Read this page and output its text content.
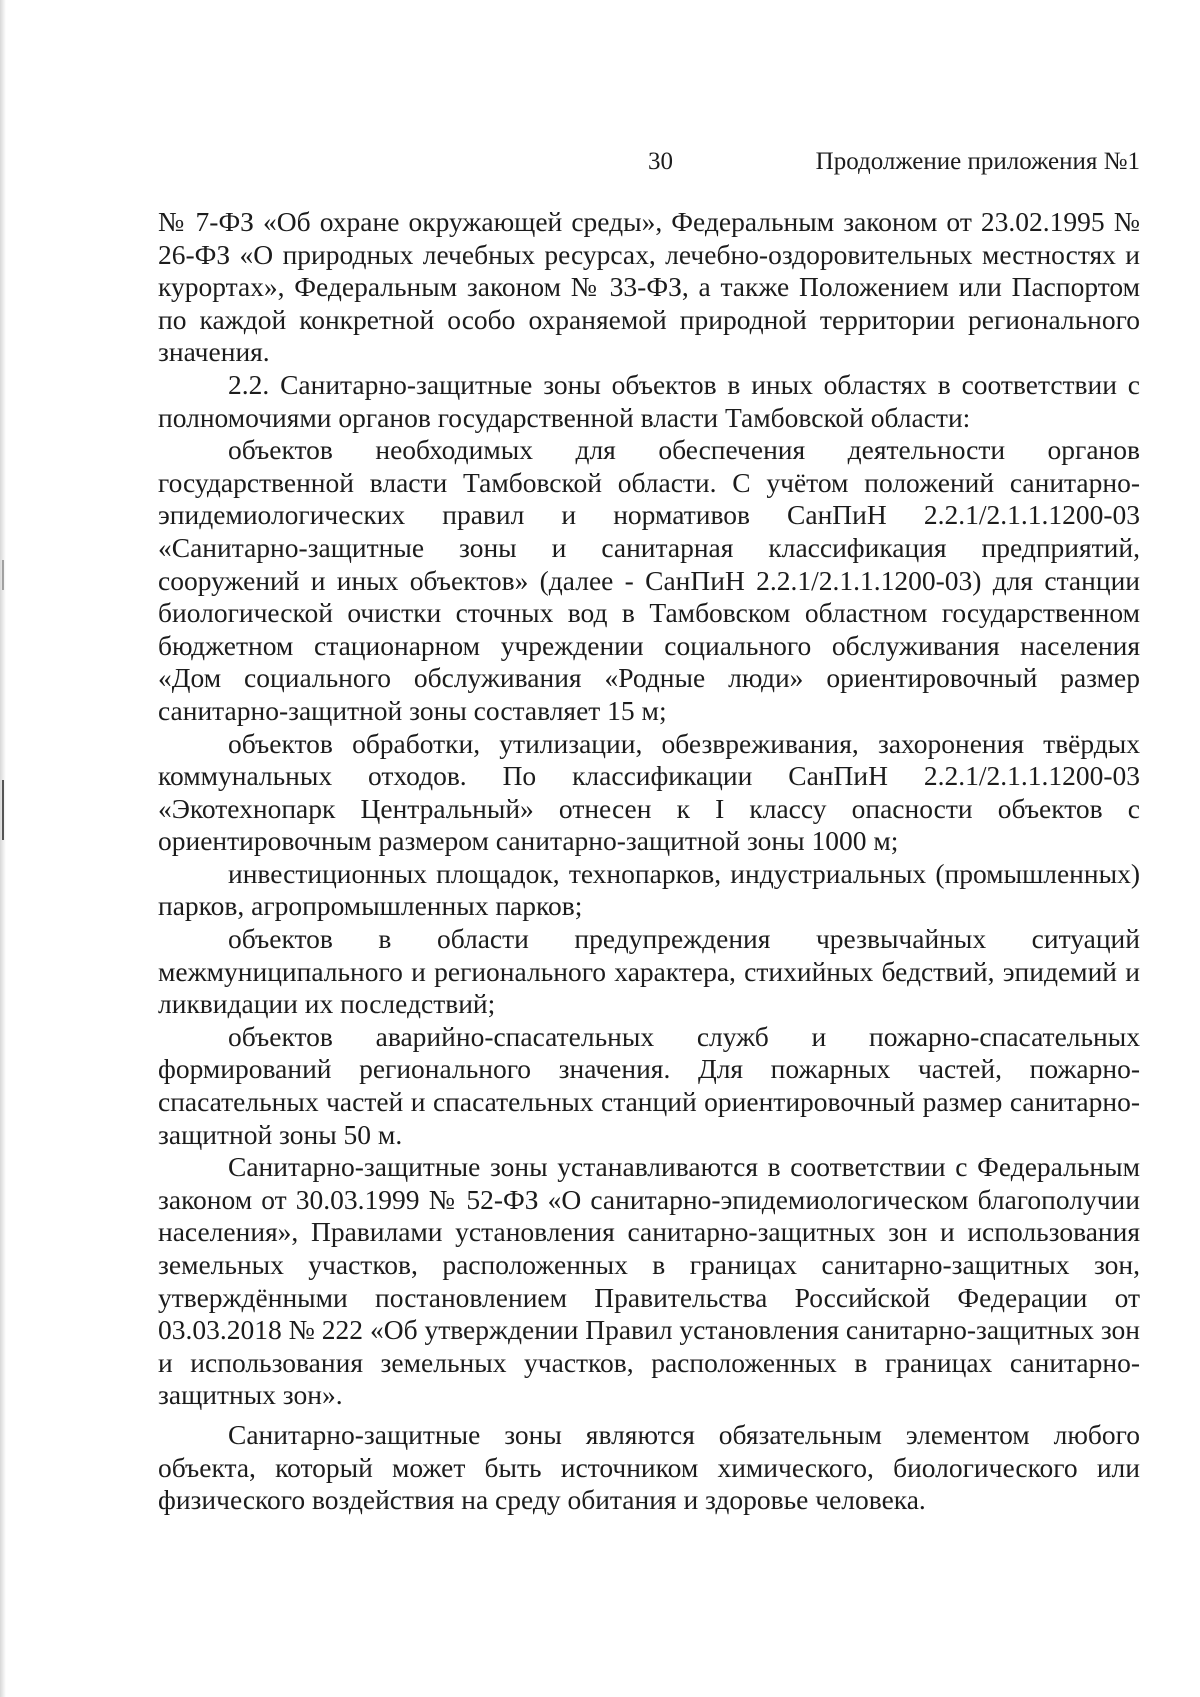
30	Продолжение приложения №1

№ 7-ФЗ «Об охране окружающей среды», Федеральным законом от 23.02.1995 № 26-ФЗ «О природных лечебных ресурсах, лечебно-оздоровительных местностях и курортах», Федеральным законом № 33-ФЗ, а также Положением или Паспортом по каждой конкретной особо охраняемой природной территории регионального значения.

2.2. Санитарно-защитные зоны объектов в иных областях в соответствии с полномочиями органов государственной власти Тамбовской области:

объектов необходимых для обеспечения деятельности органов государственной власти Тамбовской области. С учётом положений санитарно-эпидемиологических правил и нормативов СанПиН 2.2.1/2.1.1.1200-03 «Санитарно-защитные зоны и санитарная классификация предприятий, сооружений и иных объектов» (далее - СанПиН 2.2.1/2.1.1.1200-03) для станции биологической очистки сточных вод в Тамбовском областном государственном бюджетном стационарном учреждении социального обслуживания населения «Дом социального обслуживания «Родные люди» ориентировочный размер санитарно-защитной зоны составляет 15 м;

объектов обработки, утилизации, обезвреживания, захоронения твёрдых коммунальных отходов. По классификации СанПиН 2.2.1/2.1.1.1200-03 «Экотехнопарк Центральный» отнесен к I классу опасности объектов с ориентировочным размером санитарно-защитной зоны 1000 м;

инвестиционных площадок, технопарков, индустриальных (промышленных) парков, агропромышленных парков;

объектов в области предупреждения чрезвычайных ситуаций межмуниципального и регионального характера, стихийных бедствий, эпидемий и ликвидации их последствий;

объектов аварийно-спасательных служб и пожарно-спасательных формирований регионального значения. Для пожарных частей, пожарно-спасательных частей и спасательных станций ориентировочный размер санитарно-защитной зоны 50 м.

Санитарно-защитные зоны устанавливаются в соответствии с Федеральным законом от 30.03.1999 № 52-ФЗ «О санитарно-эпидемиологическом благополучии населения», Правилами установления санитарно-защитных зон и использования земельных участков, расположенных в границах санитарно-защитных зон, утверждёнными постановлением Правительства Российской Федерации от 03.03.2018 № 222 «Об утверждении Правил установления санитарно-защитных зон и использования земельных участков, расположенных в границах санитарно-защитных зон».

Санитарно-защитные зоны являются обязательным элементом любого объекта, который может быть источником химического, биологического или физического воздействия на среду обитания и здоровье человека.
